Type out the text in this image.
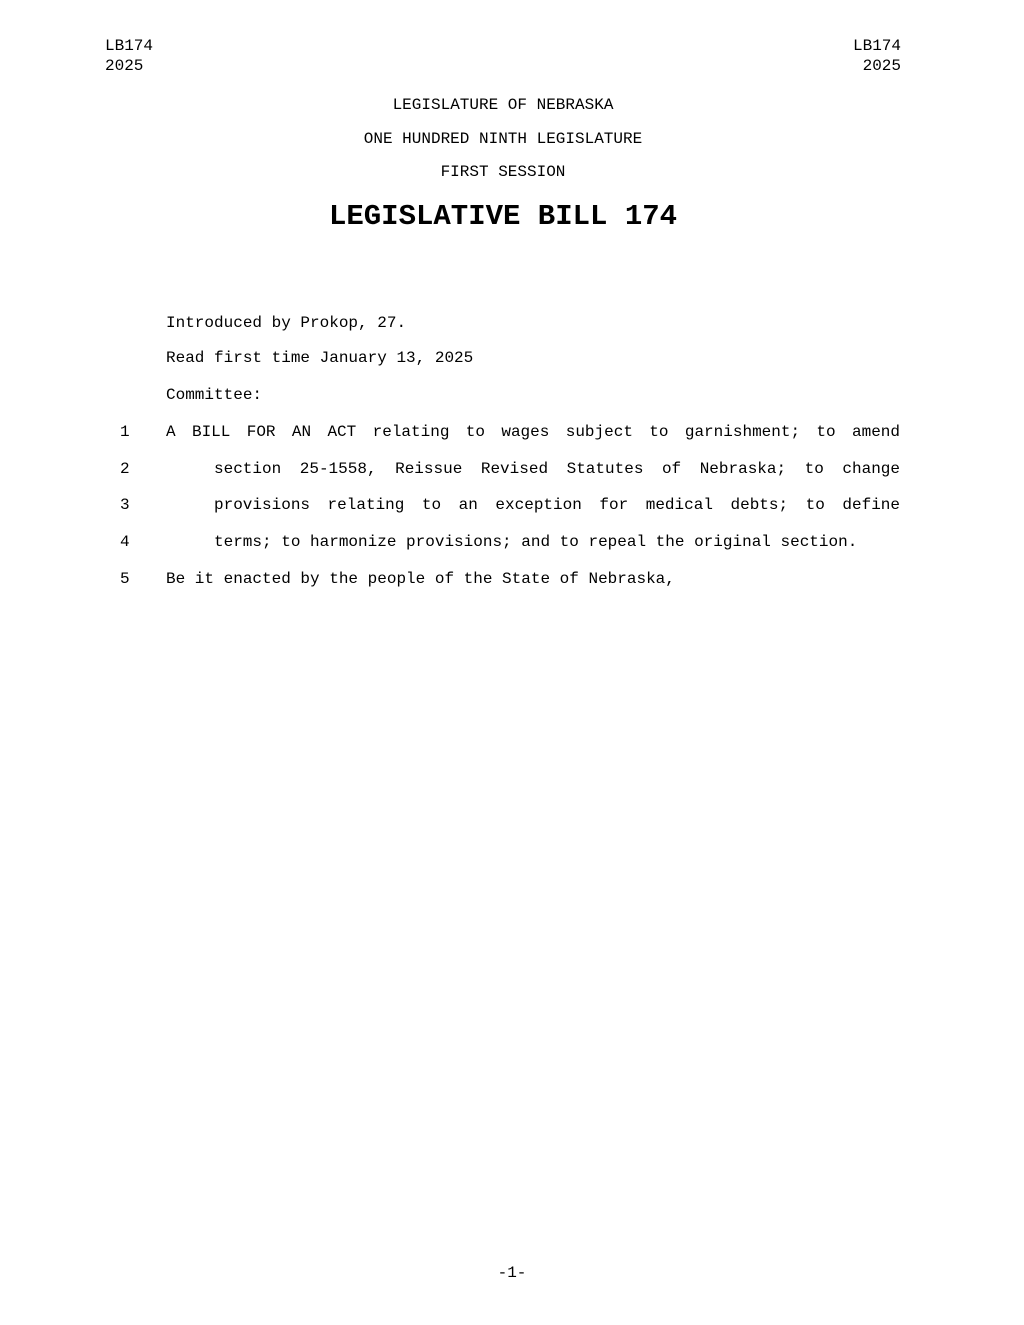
LB174
2025
LB174
2025
LEGISLATURE OF NEBRASKA
ONE HUNDRED NINTH LEGISLATURE
FIRST SESSION
LEGISLATIVE BILL 174
Introduced by Prokop, 27.
Read first time January 13, 2025
Committee:
1	A BILL FOR AN ACT relating to wages subject to garnishment; to amend
2	section 25-1558, Reissue Revised Statutes of Nebraska; to change
3	provisions relating to an exception for medical debts; to define
4	terms; to harmonize provisions; and to repeal the original section.
5	Be it enacted by the people of the State of Nebraska,
-1-
